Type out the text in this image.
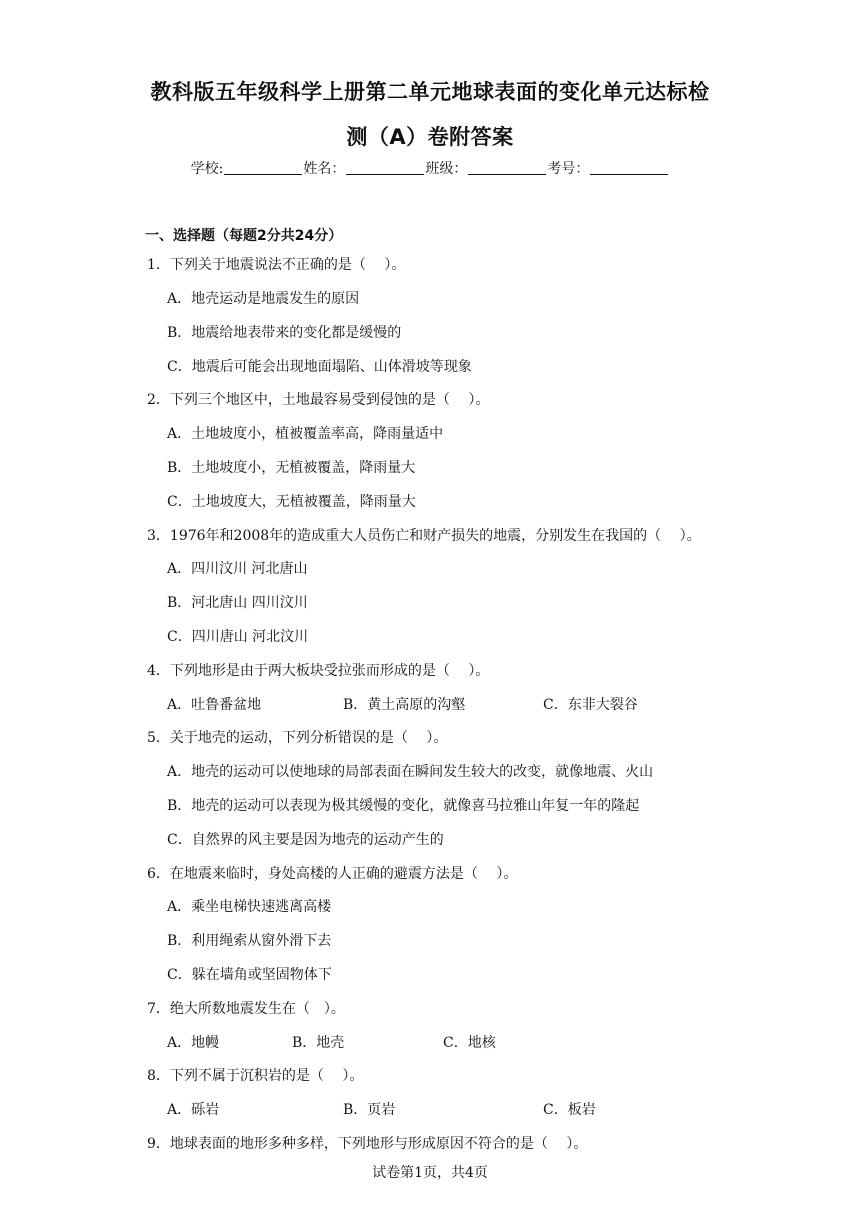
教科版五年级科学上册第二单元地球表面的变化单元达标检
测（A）卷附答案
学校:	姓名：	班级：	考号：
一、选择题（每题2分共24分）
1．下列关于地震说法不正确的是（　 ）。
A．地壳运动是地震发生的原因
B．地震给地表带来的变化都是缓慢的
C．地震后可能会出现地面塌陷、山体滑坡等现象
2．下列三个地区中，土地最容易受到侵蚀的是（　 ）。
A．土地坡度小，植被覆盖率高，降雨量适中
B．土地坡度小，无植被覆盖，降雨量大
C．土地坡度大，无植被覆盖，降雨量大
3．1976年和2008年的造成重大人员伤亡和财产损失的地震，分别发生在我国的（　 ）。
A．四川汶川 河北唐山
B．河北唐山 四川汶川
C．四川唐山 河北汶川
4．下列地形是由于两大板块受拉张而形成的是（　 ）。
A．吐鲁番盆地	B．黄土高原的沟壑	C．东非大裂谷
5．关于地壳的运动，下列分析错误的是（　 ）。
A．地壳的运动可以使地球的局部表面在瞬间发生较大的改变，就像地震、火山
B．地壳的运动可以表现为极其缓慢的变化，就像喜马拉雅山年复一年的隆起
C．自然界的风主要是因为地壳的运动产生的
6．在地震来临时，身处高楼的人正确的避震方法是（　 ）。
A．乘坐电梯快速逃离高楼
B．利用绳索从窗外滑下去
C．躲在墙角或坚固物体下
7．绝大所数地震发生在（　）。
A．地幔	B．地壳	C．地核
8．下列不属于沉积岩的是（　 ）。
A．砾岩	B．页岩	C．板岩
9．地球表面的地形多种多样，下列地形与形成原因不符合的是（　 ）。
试卷第1页，共4页
